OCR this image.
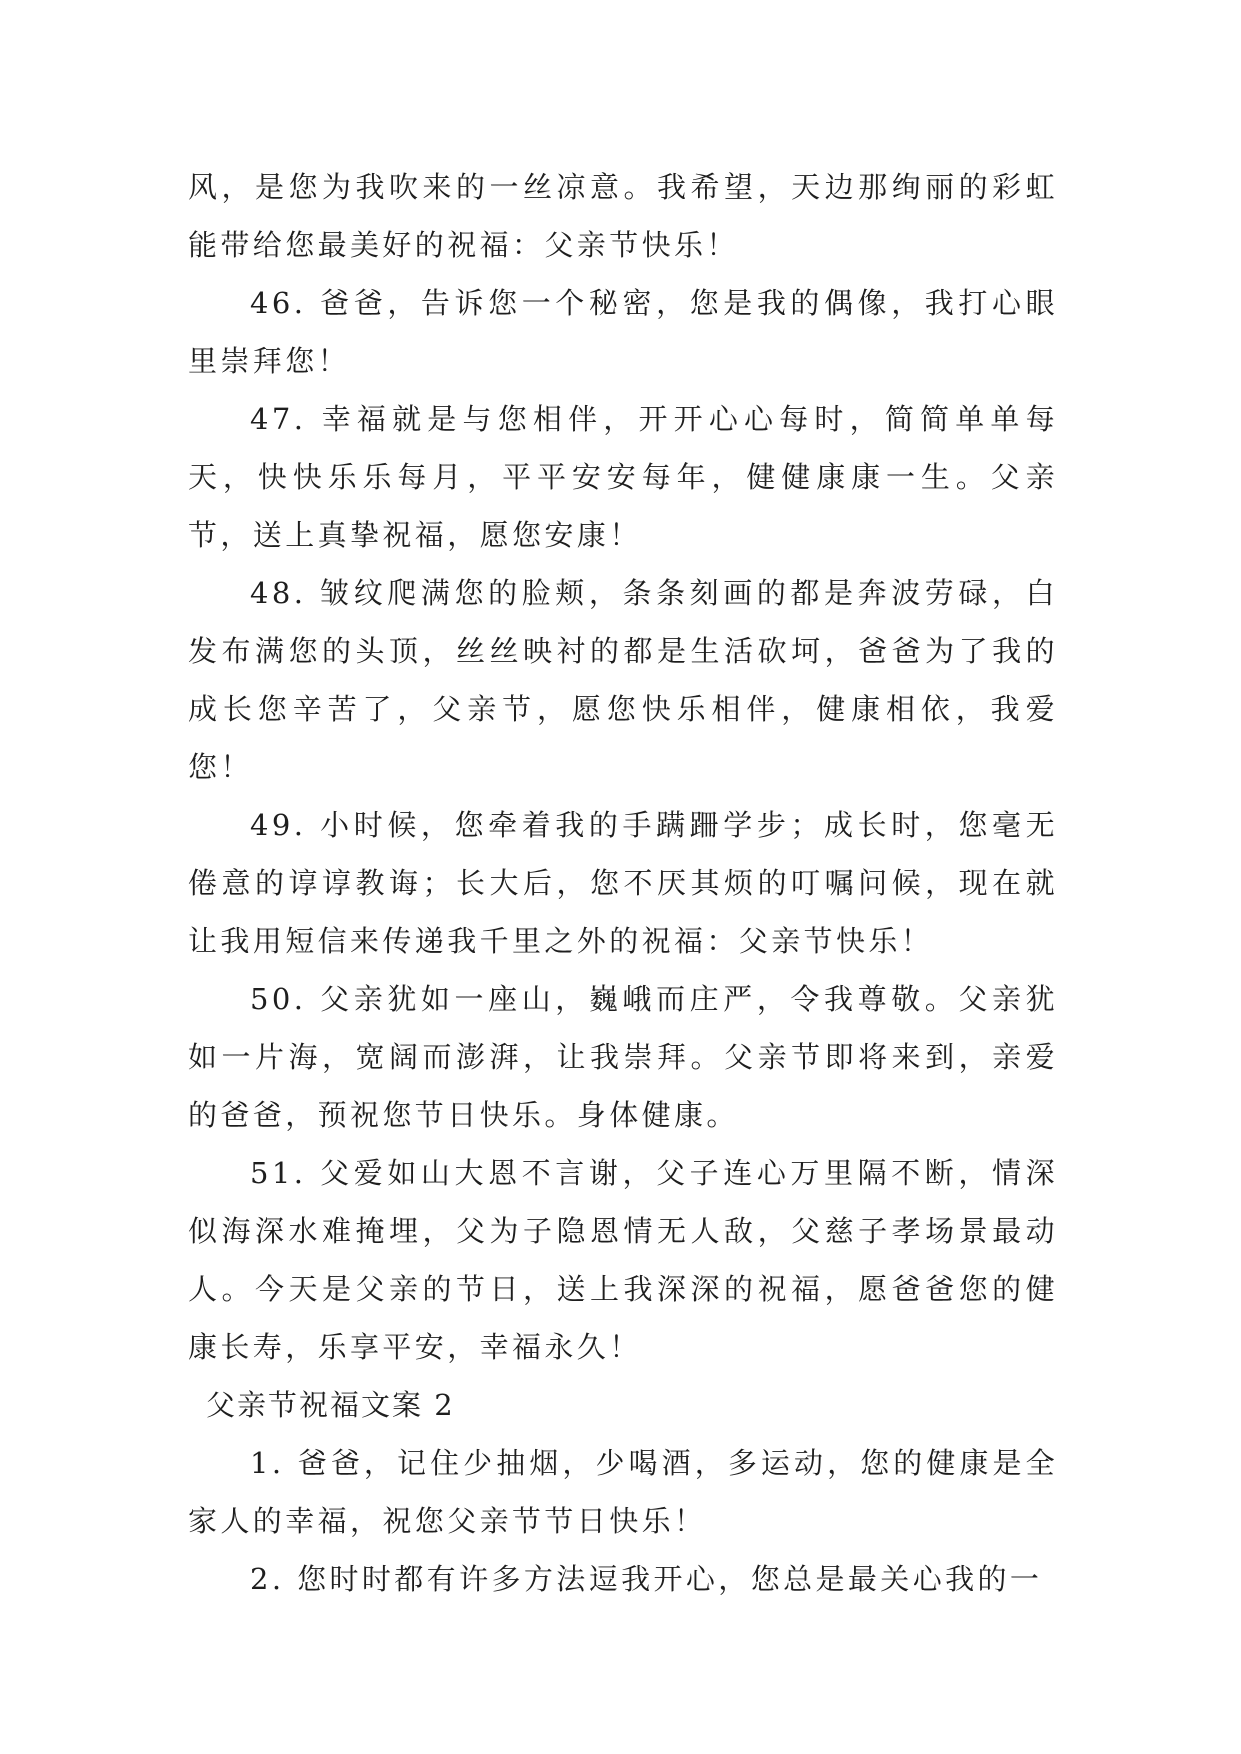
风，是您为我吹来的一丝凉意。我希望，天边那绚丽的彩虹能带给您最美好的祝福：父亲节快乐！

46. 爸爸，告诉您一个秘密，您是我的偶像，我打心眼里崇拜您！

47. 幸福就是与您相伴，开开心心每时，简简单单每天，快快乐乐每月，平平安安每年，健健康康一生。父亲节，送上真挚祝福，愿您安康！

48. 皱纹爬满您的脸颊，条条刻画的都是奔波劳碌，白发布满您的头顶，丝丝映衬的都是生活砍坷，爸爸为了我的成长您辛苦了，父亲节，愿您快乐相伴，健康相依，我爱您！

49. 小时候，您牵着我的手蹒跚学步；成长时，您毫无倦意的谆谆教诲；长大后，您不厌其烦的叮嘱问候，现在就让我用短信来传递我千里之外的祝福：父亲节快乐！

50. 父亲犹如一座山，巍峨而庄严，令我尊敬。父亲犹如一片海，宽阔而澎湃，让我崇拜。父亲节即将来到，亲爱的爸爸，预祝您节日快乐。身体健康。

51. 父爱如山大恩不言谢，父子连心万里隔不断，情深似海深水难掩埋，父为子隐恩情无人敌，父慈子孝场景最动人。今天是父亲的节日，送上我深深的祝福，愿爸爸您的健康长寿，乐享平安，幸福永久！

父亲节祝福文案 2

1. 爸爸，记住少抽烟，少喝酒，多运动，您的健康是全家人的幸福，祝您父亲节节日快乐！

2. 您时时都有许多方法逗我开心，您总是最关心我的一
